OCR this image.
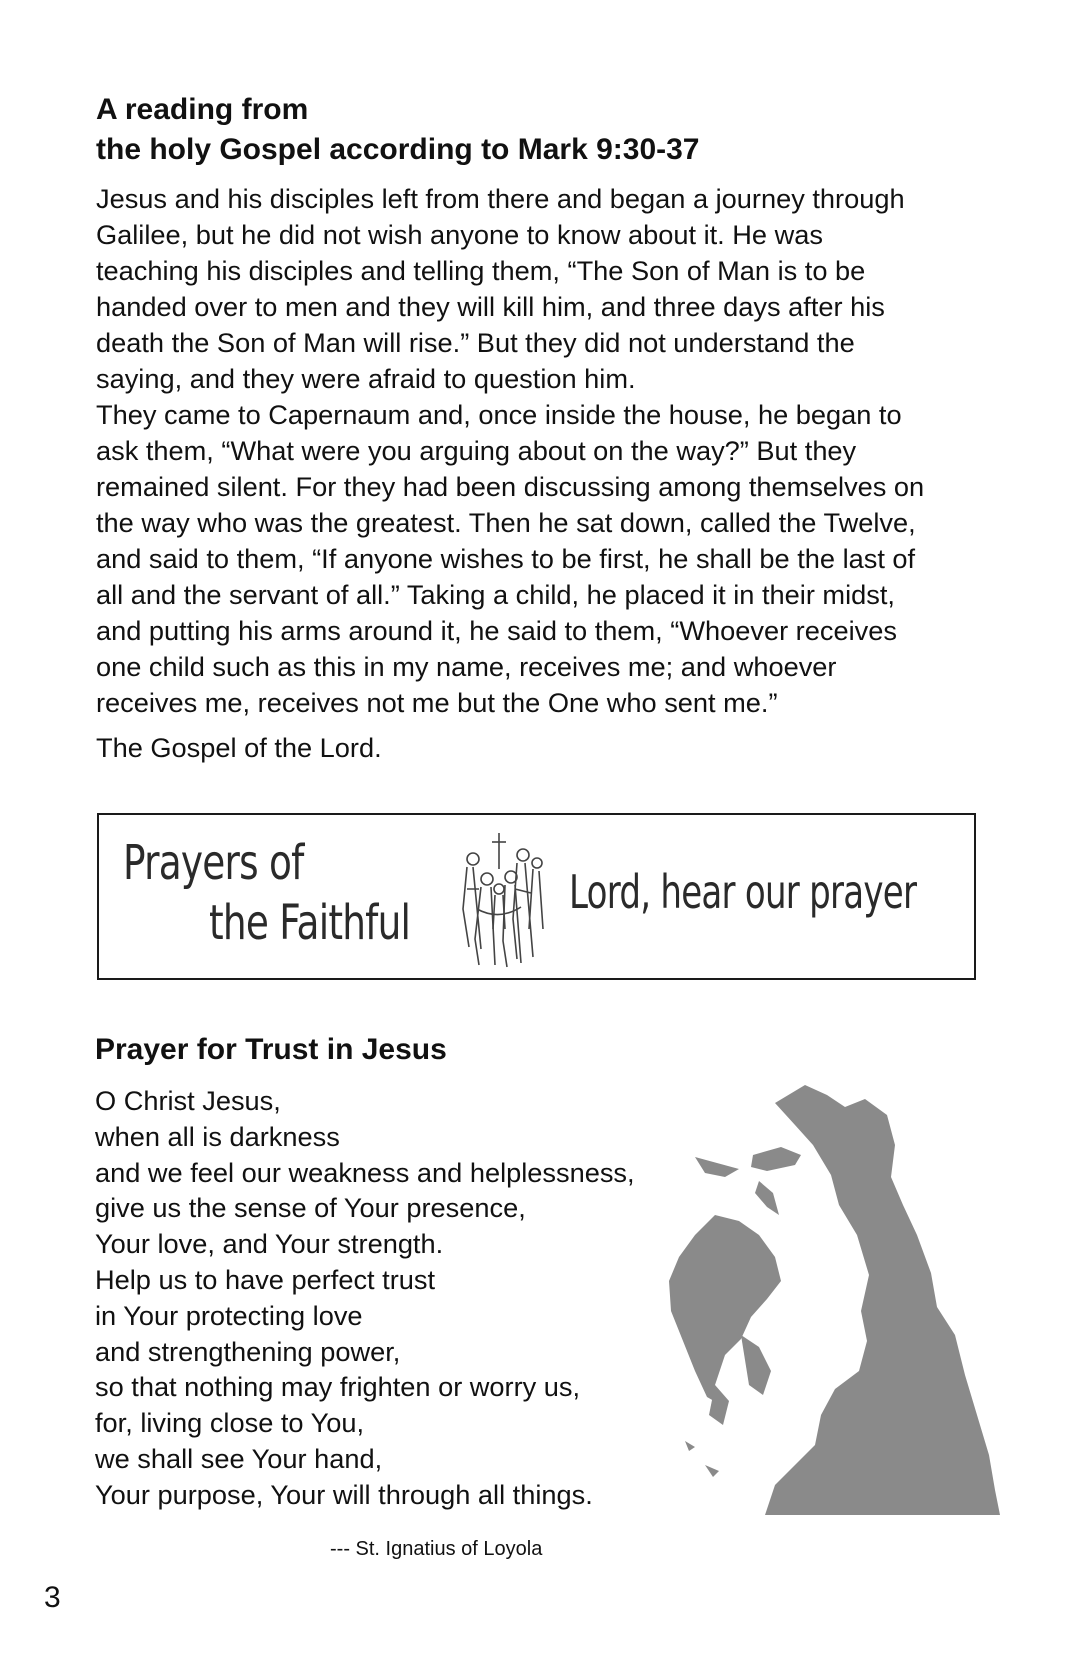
A reading from
the holy Gospel according to Mark 9:30-37

Jesus and his disciples left from there and began a journey through
Galilee, but he did not wish anyone to know about it. He was
teaching his disciples and telling them, “The Son of Man is to be
handed over to men and they will kill him, and three days after his
death the Son of Man will rise.” But they did not understand the
saying, and they were afraid to question him.
They came to Capernaum and, once inside the house, he began to
ask them, “What were you arguing about on the way?” But they
remained silent. For they had been discussing among themselves on
the way who was the greatest. Then he sat down, called the Twelve,
and said to them, “If anyone wishes to be first, he shall be the last of
all and the servant of all.” Taking a child, he placed it in their midst,
and putting his arms around it, he said to them, “Whoever receives
one child such as this in my name, receives me; and whoever
receives me, receives not me but the One who sent me.”

The Gospel of the Lord.

Prayers of
the Faithful
Lord, hear our prayer
Prayer for Trust in Jesus

O Christ Jesus,
when all is darkness
and we feel our weakness and helplessness,
give us the sense of Your presence,
Your love, and Your strength.
Help us to have perfect trust
in Your protecting love
and strengthening power,
so that nothing may frighten or worry us,
for, living close to You,
we shall see Your hand,
Your purpose, Your will through all things.

--- St. Ignatius of Loyola

3
